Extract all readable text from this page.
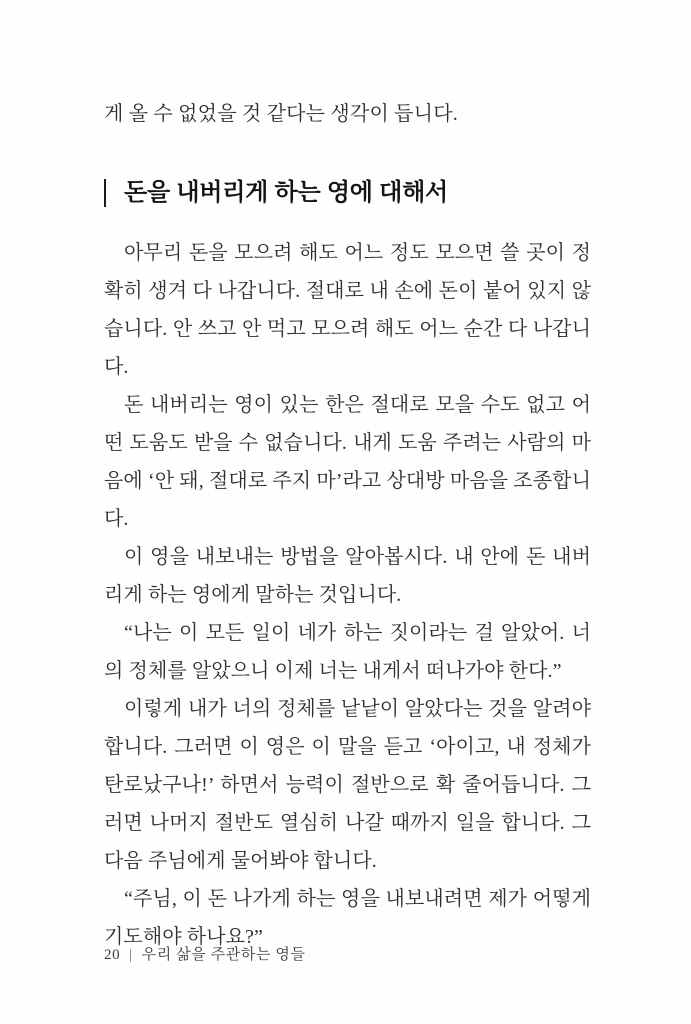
게 올 수 없었을 것 같다는 생각이 듭니다.

돈을 내버리게 하는 영에 대해서

아무리 돈을 모으려 해도 어느 정도 모으면 쓸 곳이 정확히 생겨 다 나갑니다. 절대로 내 손에 돈이 붙어 있지 않습니다. 안 쓰고 안 먹고 모으려 해도 어느 순간 다 나갑니다.

돈 내버리는 영이 있는 한은 절대로 모을 수도 없고 어떤 도움도 받을 수 없습니다. 내게 도움 주려는 사람의 마음에 ‘안 돼, 절대로 주지 마’라고 상대방 마음을 조종합니다.

이 영을 내보내는 방법을 알아봅시다. 내 안에 돈 내버리게 하는 영에게 말하는 것입니다.

“나는 이 모든 일이 네가 하는 짓이라는 걸 알았어. 너의 정체를 알았으니 이제 너는 내게서 떠나가야 한다.”

이렇게 내가 너의 정체를 낱낱이 알았다는 것을 알려야 합니다. 그러면 이 영은 이 말을 듣고 ‘아이고, 내 정체가 탄로났구나!’ 하면서 능력이 절반으로 확 줄어듭니다. 그러면 나머지 절반도 열심히 나갈 때까지 일을 합니다. 그다음 주님에게 물어봐야 합니다.

“주님, 이 돈 나가게 하는 영을 내보내려면 제가 어떻게 기도해야 하나요?”

20 | 우리 삶을 주관하는 영들
